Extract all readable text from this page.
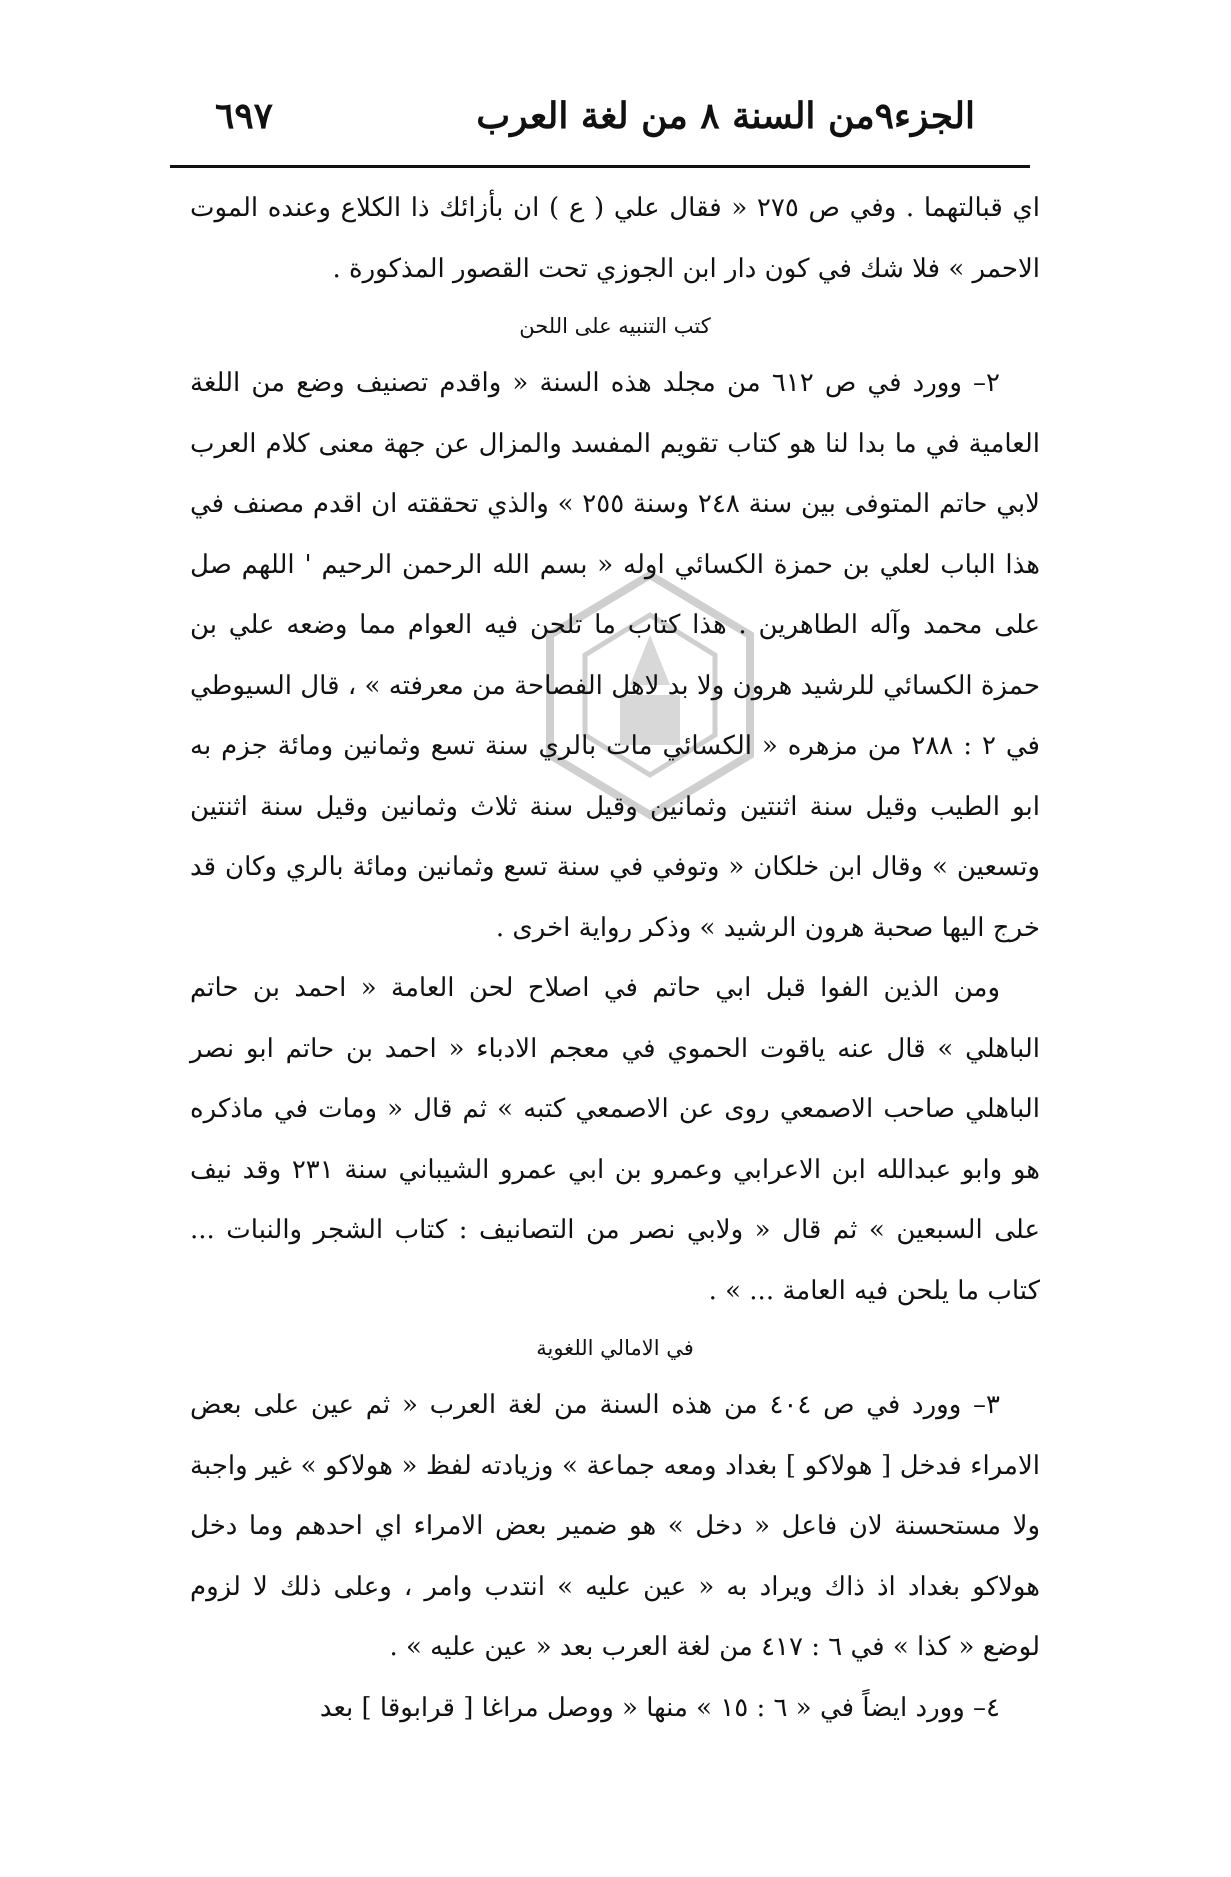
الجزء٩من السنة ٨ من لغة العرب
٦٩٧

اي قبالتهما . وفي ص ٢٧٥ « فقال علي ( ع ) ان بأزائك ذا الكلاع وعنده الموت الاحمر » فلا شك في كون دار ابن الجوزي تحت القصور المذكورة .

كتب التنبيه على اللحن

٢– وورد في ص ٦١٢ من مجلد هذه السنة « واقدم تصنيف وضع من اللغة العامية في ما بدا لنا هو كتاب تقويم المفسد والمزال عن جهة معنى كلام العرب لابي حاتم المتوفى بين سنة ٢٤٨ وسنة ٢٥٥ » والذي تحققته ان اقدم مصنف في هذا الباب لعلي بن حمزة الكسائي اوله « بسم الله الرحمن الرحيم ' اللهم صل على محمد وآله الطاهرين . هذا كتاب ما تلحن فيه العوام مما وضعه علي بن حمزة الكسائي للرشيد هرون ولا بد لاهل الفصاحة من معرفته » ، قال السيوطي في ٢ : ٢٨٨ من مزهره « الكسائي مات بالري سنة تسع وثمانين ومائة جزم به ابو الطيب وقيل سنة اثنتين وثمانين وقيل سنة ثلاث وثمانين وقيل سنة اثنتين وتسعين » وقال ابن خلكان « وتوفي في سنة تسع وثمانين ومائة بالري وكان قد خرج اليها صحبة هرون الرشيد » وذكر رواية اخرى .

ومن الذين الفوا قبل ابي حاتم في اصلاح لحن العامة « احمد بن حاتم الباهلي » قال عنه ياقوت الحموي في معجم الادباء « احمد بن حاتم ابو نصر الباهلي صاحب الاصمعي روى عن الاصمعي كتبه » ثم قال « ومات في ماذكره هو وابو عبدالله ابن الاعرابي وعمرو بن ابي عمرو الشيباني سنة ٢٣١ وقد نيف على السبعين » ثم قال « ولابي نصر من التصانيف : كتاب الشجر والنبات ... كتاب ما يلحن فيه العامة ... » .

في الامالي اللغوية

٣– وورد في ص ٤٠٤ من هذه السنة من لغة العرب « ثم عين على بعض الامراء فدخل [ هولاكو ] بغداد ومعه جماعة » وزيادته لفظ « هولاكو » غير واجبة ولا مستحسنة لان فاعل « دخل » هو ضمير بعض الامراء اي احدهم وما دخل هولاكو بغداد اذ ذاك ويراد به « عين عليه » انتدب وامر ، وعلى ذلك لا لزوم لوضع « كذا » في ٦ : ٤١٧ من لغة العرب بعد « عين عليه » .

٤– وورد ايضاً في « ٦ : ١٥ » منها « ووصل مراغا [ قرابوقا ] بعد
